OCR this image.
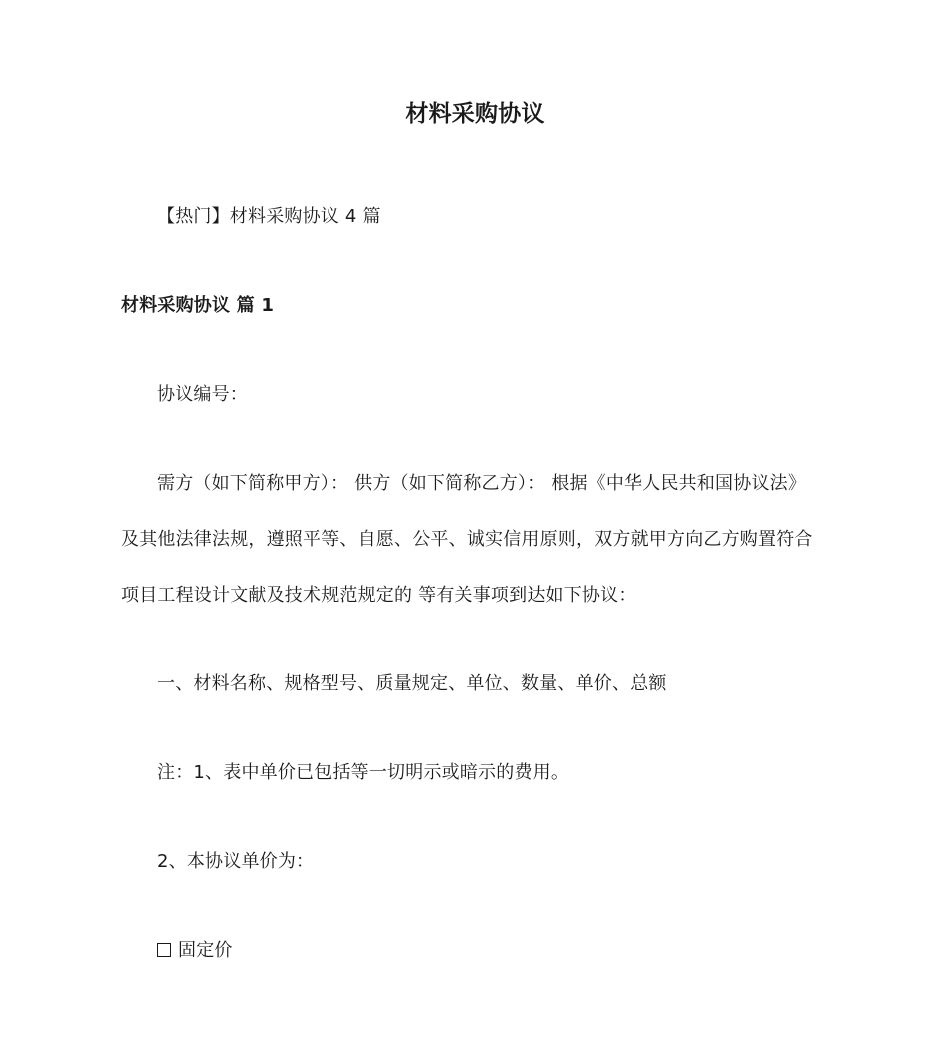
材料采购协议
【热门】材料采购协议 4 篇
材料采购协议 篇 1
协议编号：
需方（如下简称甲方）： 供方（如下简称乙方）： 根据《中华人民共和国协议法》
及其他法律法规，遵照平等、自愿、公平、诚实信用原则，双方就甲方向乙方购置符合
项目工程设计文献及技术规范规定的 等有关事项到达如下协议：
一、材料名称、规格型号、质量规定、单位、数量、单价、总额
注：1、表中单价已包括等一切明示或暗示的费用。
2、本协议单价为：
固定价
